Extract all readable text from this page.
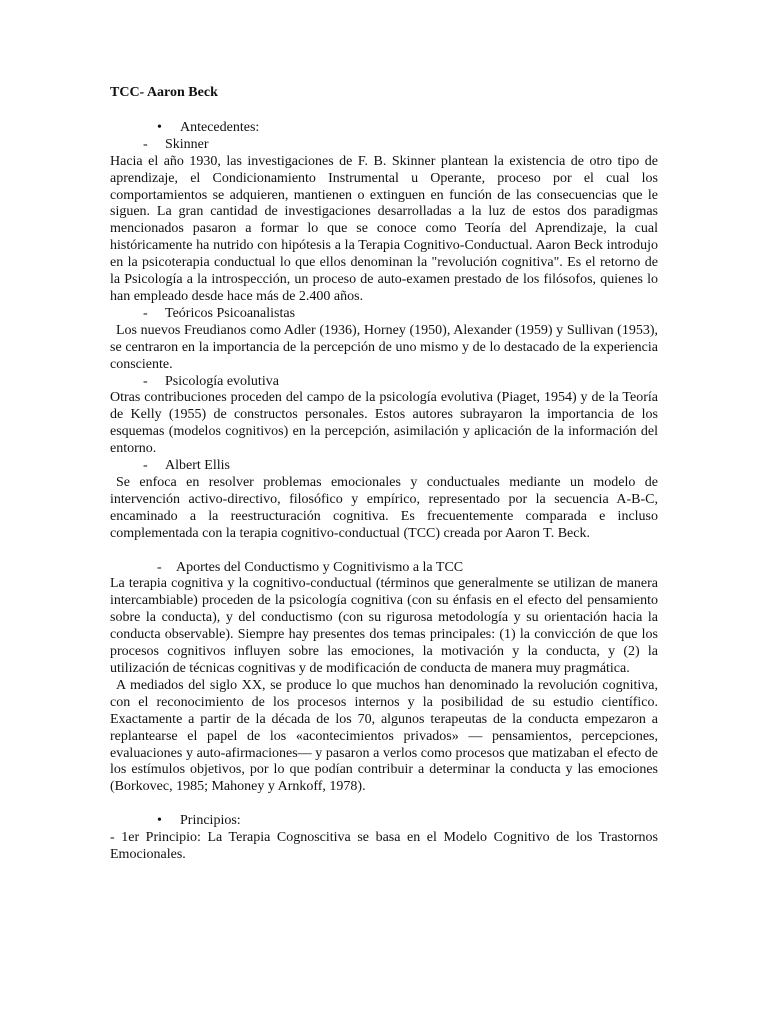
TCC- Aaron Beck

• Antecedentes:

- Skinner

Hacia el año 1930, las investigaciones de F. B. Skinner plantean la existencia de otro tipo de aprendizaje, el Condicionamiento Instrumental u Operante, proceso por el cual los comportamientos se adquieren, mantienen o extinguen en función de las consecuencias que le siguen. La gran cantidad de investigaciones desarrolladas a la luz de estos dos paradigmas mencionados pasaron a formar lo que se conoce como Teoría del Aprendizaje, la cual históricamente ha nutrido con hipótesis a la Terapia Cognitivo-Conductual. Aaron Beck introdujo en la psicoterapia conductual lo que ellos denominan la "revolución cognitiva". Es el retorno de la Psicología a la introspección, un proceso de auto-examen prestado de los filósofos, quienes lo han empleado desde hace más de 2.400 años.

- Teóricos Psicoanalistas

Los nuevos Freudianos como Adler (1936), Horney (1950), Alexander (1959) y Sullivan (1953), se centraron en la importancia de la percepción de uno mismo y de lo destacado de la experiencia consciente.

- Psicología evolutiva

Otras contribuciones proceden del campo de la psicología evolutiva (Piaget, 1954) y de la Teoría de Kelly (1955) de constructos personales. Estos autores subrayaron la importancia de los esquemas (modelos cognitivos) en la percepción, asimilación y aplicación de la información del entorno.

- Albert Ellis

Se enfoca en resolver problemas emocionales y conductuales mediante un modelo de intervención activo-directivo, filosófico y empírico, representado por la secuencia A-B-C, encaminado a la reestructuración cognitiva. Es frecuentemente comparada e incluso complementada con la terapia cognitivo-conductual (TCC) creada por Aaron T. Beck.

- Aportes del Conductismo y Cognitivismo a la TCC

La terapia cognitiva y la cognitivo-conductual (términos que generalmente se utilizan de manera intercambiable) proceden de la psicología cognitiva (con su énfasis en el efecto del pensamiento sobre la conducta), y del conductismo (con su rigurosa metodología y su orientación hacia la conducta observable). Siempre hay presentes dos temas principales: (1) la convicción de que los procesos cognitivos influyen sobre las emociones, la motivación y la conducta, y (2) la utilización de técnicas cognitivas y de modificación de conducta de manera muy pragmática.

A mediados del siglo XX, se produce lo que muchos han denominado la revolución cognitiva, con el reconocimiento de los procesos internos y la posibilidad de su estudio científico. Exactamente a partir de la década de los 70, algunos terapeutas de la conducta empezaron a replantearse el papel de los «acontecimientos privados» — pensamientos, percepciones, evaluaciones y auto-afirmaciones— y pasaron a verlos como procesos que matizaban el efecto de los estímulos objetivos, por lo que podían contribuir a determinar la conducta y las emociones (Borkovec, 1985; Mahoney y Arnkoff, 1978).

• Principios:

- 1er Principio: La Terapia Cognoscitiva se basa en el Modelo Cognitivo de los Trastornos Emocionales.
